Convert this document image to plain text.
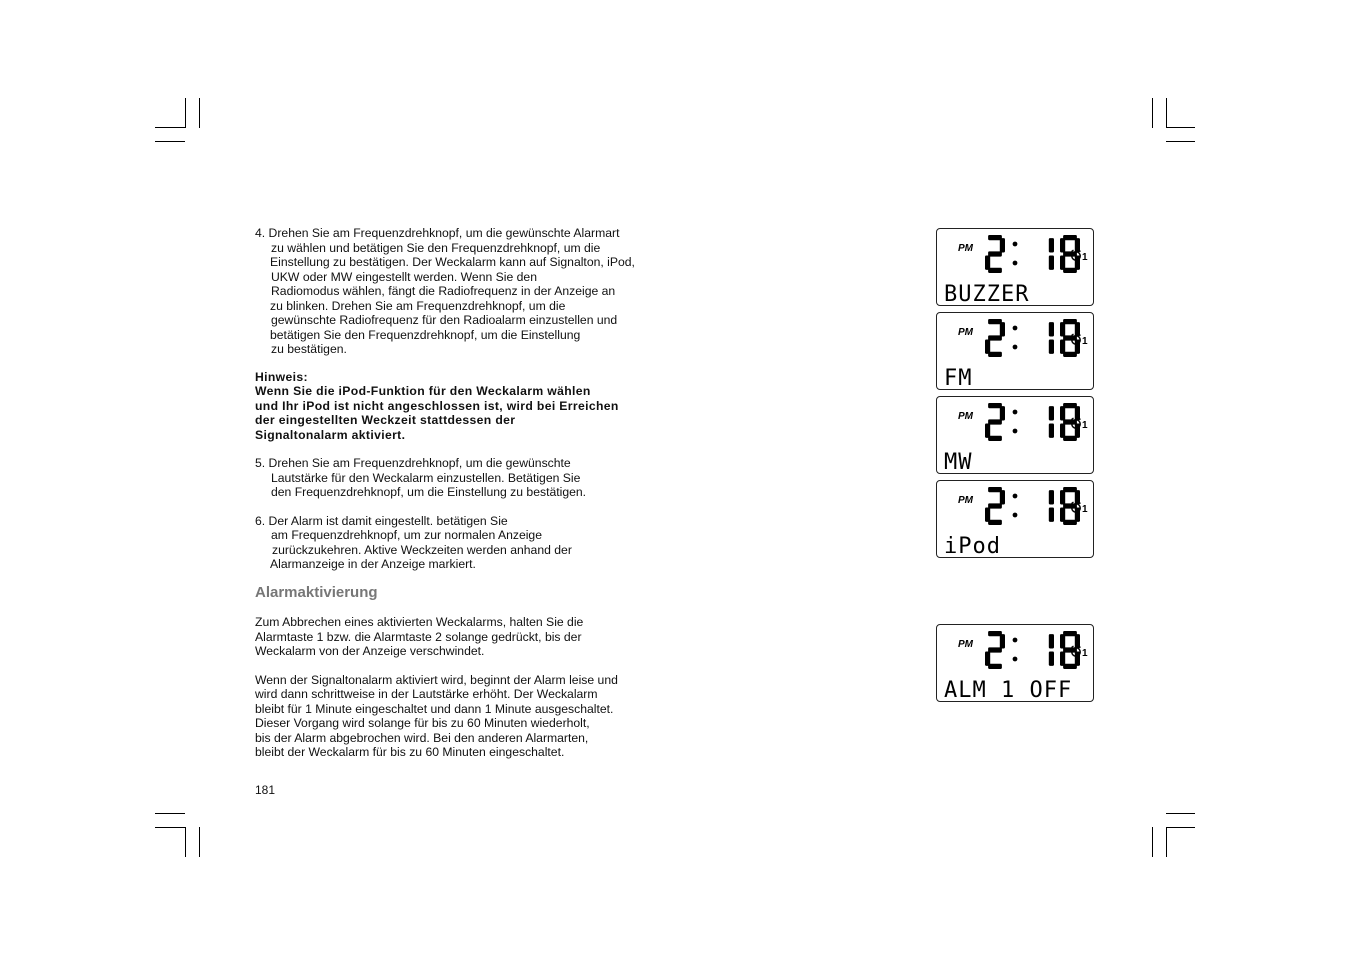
4. Drehen Sie am Frequenzdrehknopf, um die gewünschte Alarmart

zu wählen und betätigen Sie den Frequenzdrehknopf, um die

Einstellung zu bestätigen. Der Weckalarm kann auf Signalton, iPod,

UKW oder MW eingestellt werden. Wenn Sie den

Radiomodus wählen, fängt die Radiofrequenz in der Anzeige an

zu blinken. Drehen Sie am Frequenzdrehknopf, um die

gewünschte Radiofrequenz für den Radioalarm einzustellen und

betätigen Sie den Frequenzdrehknopf, um die Einstellung

zu bestätigen.

Hinweis:

Wenn Sie die iPod-Funktion für den Weckalarm wählen

und Ihr iPod ist nicht angeschlossen ist, wird bei Erreichen

der eingestellten Weckzeit stattdessen der

Signaltonalarm aktiviert.

5. Drehen Sie am Frequenzdrehknopf, um die gewünschte

Lautstärke für den Weckalarm einzustellen. Betätigen Sie

den Frequenzdrehknopf, um die Einstellung zu bestätigen.

6. Der Alarm ist damit eingestellt. betätigen Sie

am Frequenzdrehknopf, um zur normalen Anzeige

zurückzukehren. Aktive Weckzeiten werden anhand der

Alarmanzeige in der Anzeige markiert.

Alarmaktivierung

Zum Abbrechen eines aktivierten Weckalarms, halten Sie die

Alarmtaste 1 bzw. die Alarmtaste 2 solange gedrückt, bis der

Weckalarm von der Anzeige verschwindet.

Wenn der Signaltonalarm aktiviert wird, beginnt der Alarm leise und

wird dann schrittweise in der Lautstärke erhöht. Der Weckalarm

bleibt für 1 Minute eingeschaltet und dann 1 Minute ausgeschaltet.

Dieser Vorgang wird solange für bis zu 60 Minuten wiederholt,

bis der Alarm abgebrochen wird. Bei den anderen Alarmarten,

bleibt der Weckalarm für bis zu 60 Minuten eingeschaltet.

181
PM
1
BUZZER
PM
1
FM
PM
1
MW
PM
1
iPod
PM
1
ALM 1 OFF
